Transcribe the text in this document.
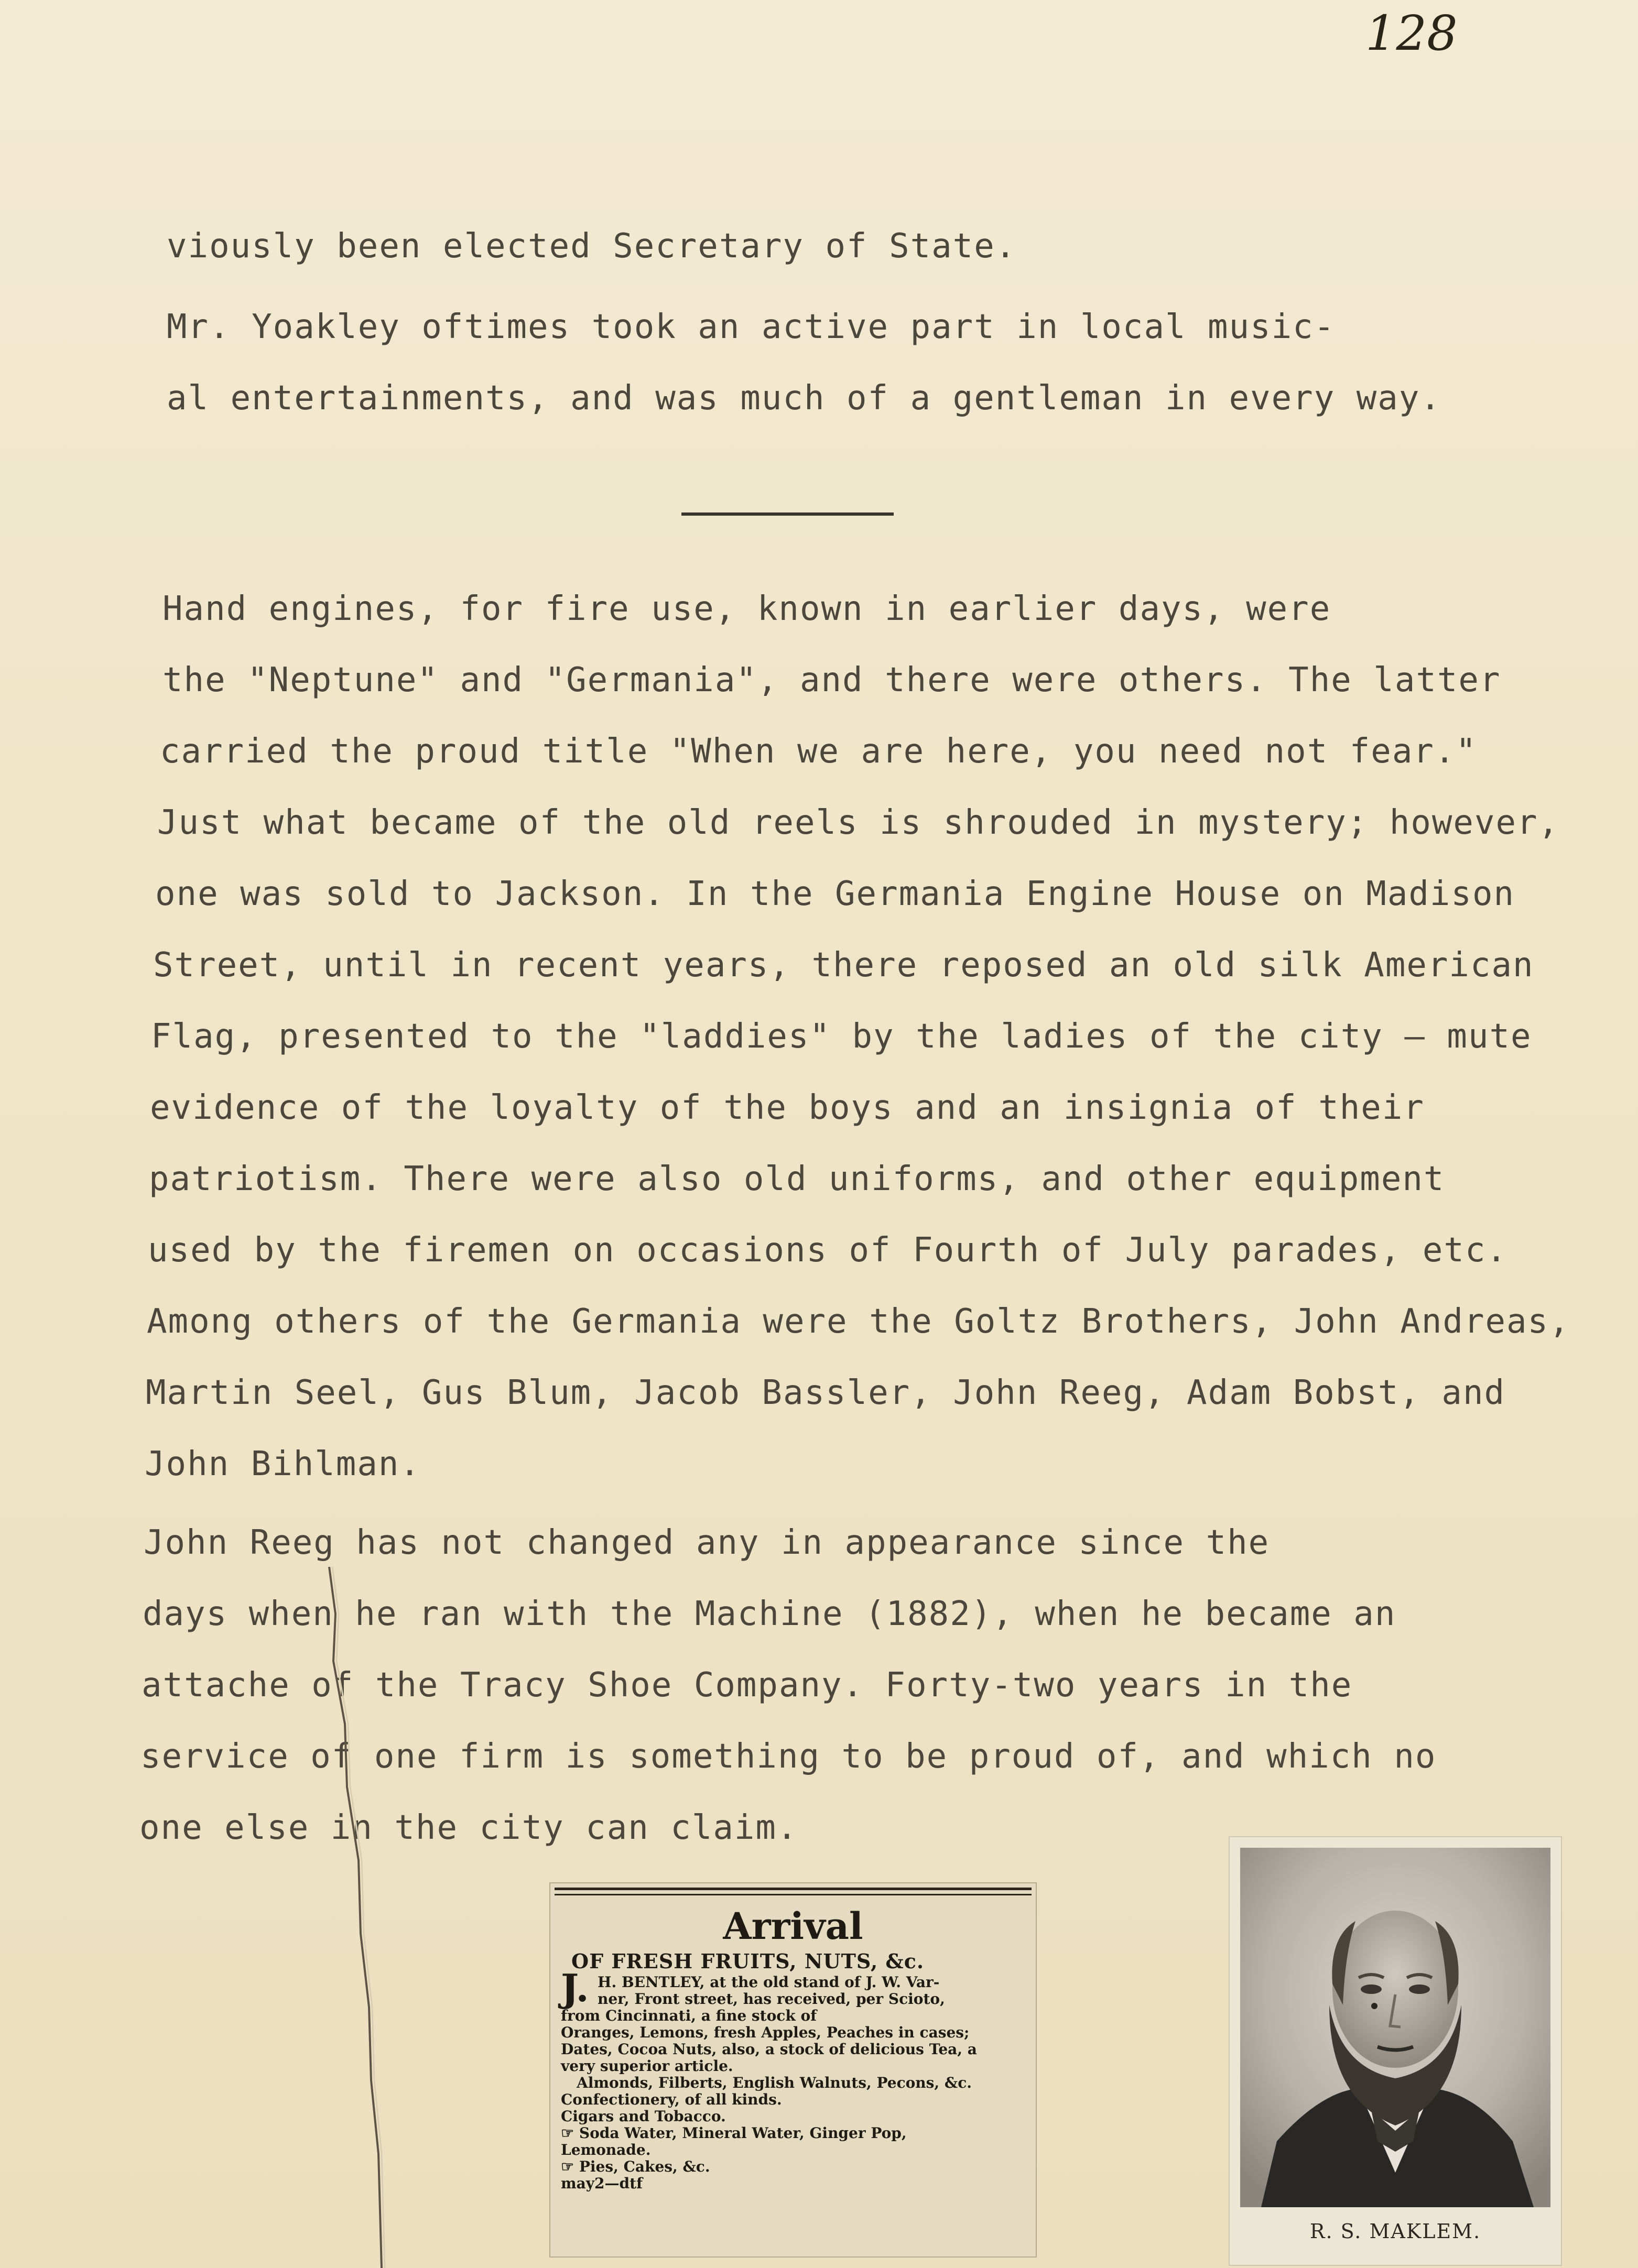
128
viously been elected Secretary of State.
Mr. Yoakley oftimes took an active part in local music-
al entertainments, and was much of a gentleman in every way.
Hand engines, for fire use, known in earlier days, were
the "Neptune" and "Germania", and there were others. The latter
carried the proud title "When we are here, you need not fear."
Just what became of the old reels is shrouded in mystery; however,
one was sold to Jackson. In the Germania Engine House on Madison
Street, until in recent years, there reposed an old silk American
Flag, presented to the "laddies" by the ladies of the city — mute
evidence of the loyalty of the boys and an insignia of their
patriotism. There were also old uniforms, and other equipment
used by the firemen on occasions of Fourth of July parades, etc.
Among others of the Germania were the Goltz Brothers, John Andreas,
Martin Seel, Gus Blum, Jacob Bassler, John Reeg, Adam Bobst, and
John Bihlman.
John Reeg has not changed any in appearance since the
days when he ran with the Machine (1882), when he became an
attache of the Tracy Shoe Company. Forty-two years in the
service of one firm is something to be proud of, and which no
one else in the city can claim.
Arrival
OF FRESH FRUITS, NUTS, &c.
J. H. BENTLEY, at the old stand of J. W. Var-
ner, Front street, has received, per Scioto,
from Cincinnati, a fine stock of
Oranges, Lemons, fresh Apples, Peaches in cases;
Dates, Cocoa Nuts, also, a stock of delicious Tea, a
very superior article.
Almonds, Filberts, English Walnuts, Pecons, &c.
Confectionery, of all kinds.
Cigars and Tobacco.
☞ Soda Water, Mineral Water, Ginger Pop,
Lemonade.
☞ Pies, Cakes, &c.
may2—dtf
R. S. MAKLEM.
